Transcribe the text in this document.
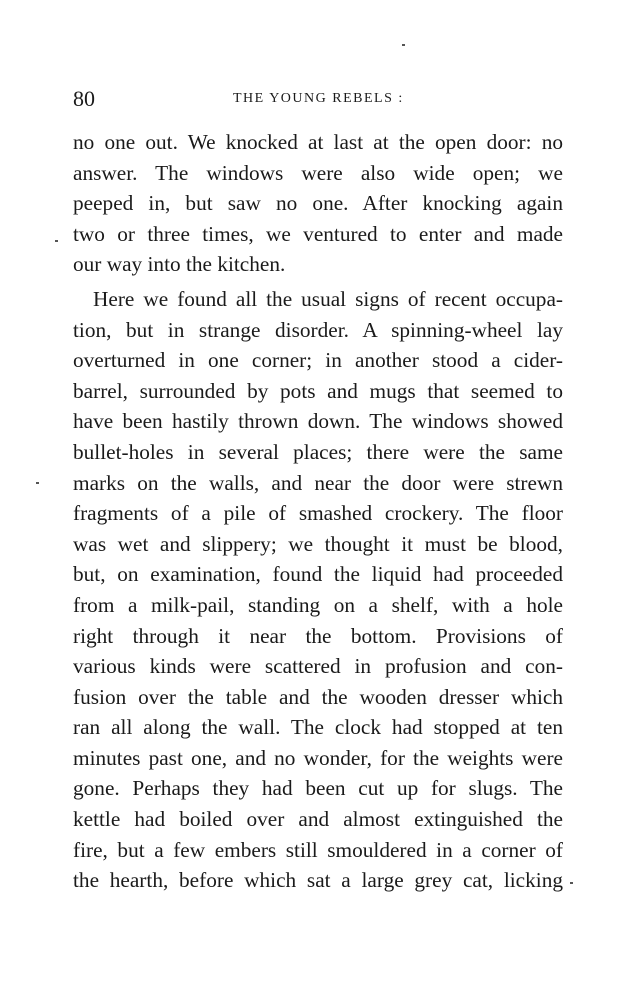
80	THE YOUNG REBELS :
no one out. We knocked at last at the open door: no
answer. The windows were also wide open; we
peeped in, but saw no one. After knocking again
two or three times, we ventured to enter and made
our way into the kitchen.
Here we found all the usual signs of recent occupa-
tion, but in strange disorder. A spinning-wheel lay
overturned in one corner; in another stood a cider-
barrel, surrounded by pots and mugs that seemed to
have been hastily thrown down. The windows showed
bullet-holes in several places; there were the same
marks on the walls, and near the door were strewn
fragments of a pile of smashed crockery. The floor
was wet and slippery; we thought it must be blood,
but, on examination, found the liquid had proceeded
from a milk-pail, standing on a shelf, with a hole
right through it near the bottom. Provisions of
various kinds were scattered in profusion and con-
fusion over the table and the wooden dresser which
ran all along the wall. The clock had stopped at ten
minutes past one, and no wonder, for the weights were
gone. Perhaps they had been cut up for slugs. The
kettle had boiled over and almost extinguished the
fire, but a few embers still smouldered in a corner of
the hearth, before which sat a large grey cat, licking
